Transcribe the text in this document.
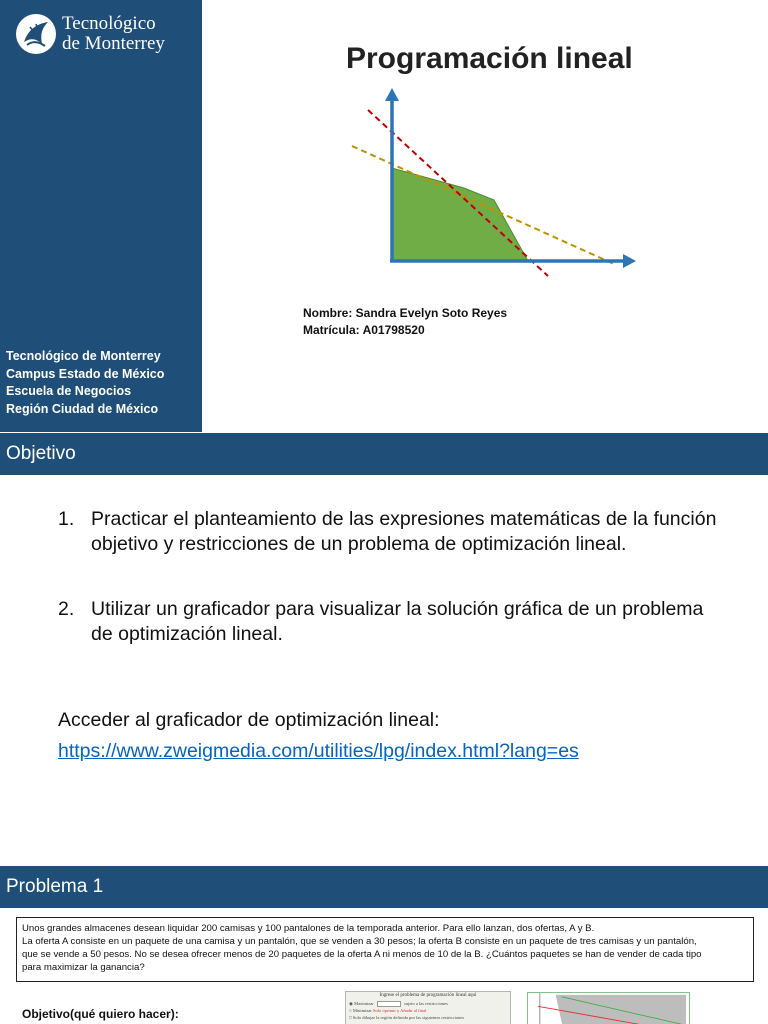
Tecnológico
de Monterrey
Tecnológico de Monterrey
Campus Estado de México
Escuela de Negocios
Región Ciudad de México
Programación lineal
Nombre: Sandra Evelyn Soto Reyes
Matrícula: A01798520
Objetivo
1. Practicar el planteamiento de las expresiones matemáticas de la función objetivo y restricciones de un problema de optimización lineal.
2. Utilizar un graficador para visualizar la solución gráfica de un problema de optimización lineal.
Acceder al graficador de optimización lineal:
https://www.zweigmedia.com/utilities/lpg/index.html?lang=es
Problema 1
Unos grandes almacenes desean liquidar 200 camisas y 100 pantalones de la temporada anterior. Para ello lanzan, dos ofertas, A y B.
La oferta A consiste en un paquete de una camisa y un pantalón, que se venden a 30 pesos; la oferta B consiste en un paquete de tres camisas y un pantalón,
que se vende a 50 pesos. No se desea ofrecer menos de 20 paquetes de la oferta A ni menos de 10 de la B. ¿Cuántos paquetes se han de vender de cada tipo
para maximizar la ganancia?
Objetivo(qué quiero hacer):
Ingrese el problema de programación lineal aquí
◉ Maximizar	sujeto a las restricciones
○ Minimizar Solo oprimir y Añadir al final
□ Solo dibujar la región definida por las siguientes restricciones
